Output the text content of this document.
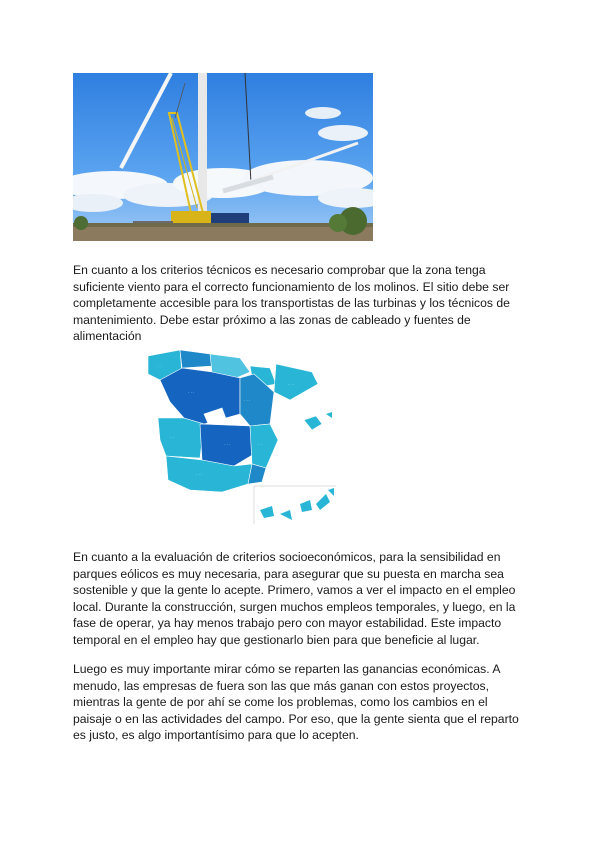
En cuanto a los criterios técnicos es necesario comprobar que la zona tenga suficiente viento para el correcto funcionamiento de los molinos. El sitio debe ser completamente accesible para los transportistas de las turbinas y los técnicos de mantenimiento. Debe estar próximo a las zonas de cableado y fuentes de alimentación

· ·
· · ·
· · ·
· · ·
· ·
· · ·
· · ·
· ·

En cuanto a la evaluación de criterios socioeconómicos, para la sensibilidad en parques eólicos es muy necesaria, para asegurar que su puesta en marcha sea sostenible y que la gente lo acepte. Primero, vamos a ver el impacto en el empleo local. Durante la construcción, surgen muchos empleos temporales, y luego, en la fase de operar, ya hay menos trabajo pero con mayor estabilidad. Este impacto temporal en el empleo hay que gestionarlo bien para que beneficie al lugar.

Luego es muy importante mirar cómo se reparten las ganancias económicas. A menudo, las empresas de fuera son las que más ganan con estos proyectos, mientras la gente de por ahí se come los problemas, como los cambios en el paisaje o en las actividades del campo. Por eso, que la gente sienta que el reparto es justo, es algo importantísimo para que lo acepten.
